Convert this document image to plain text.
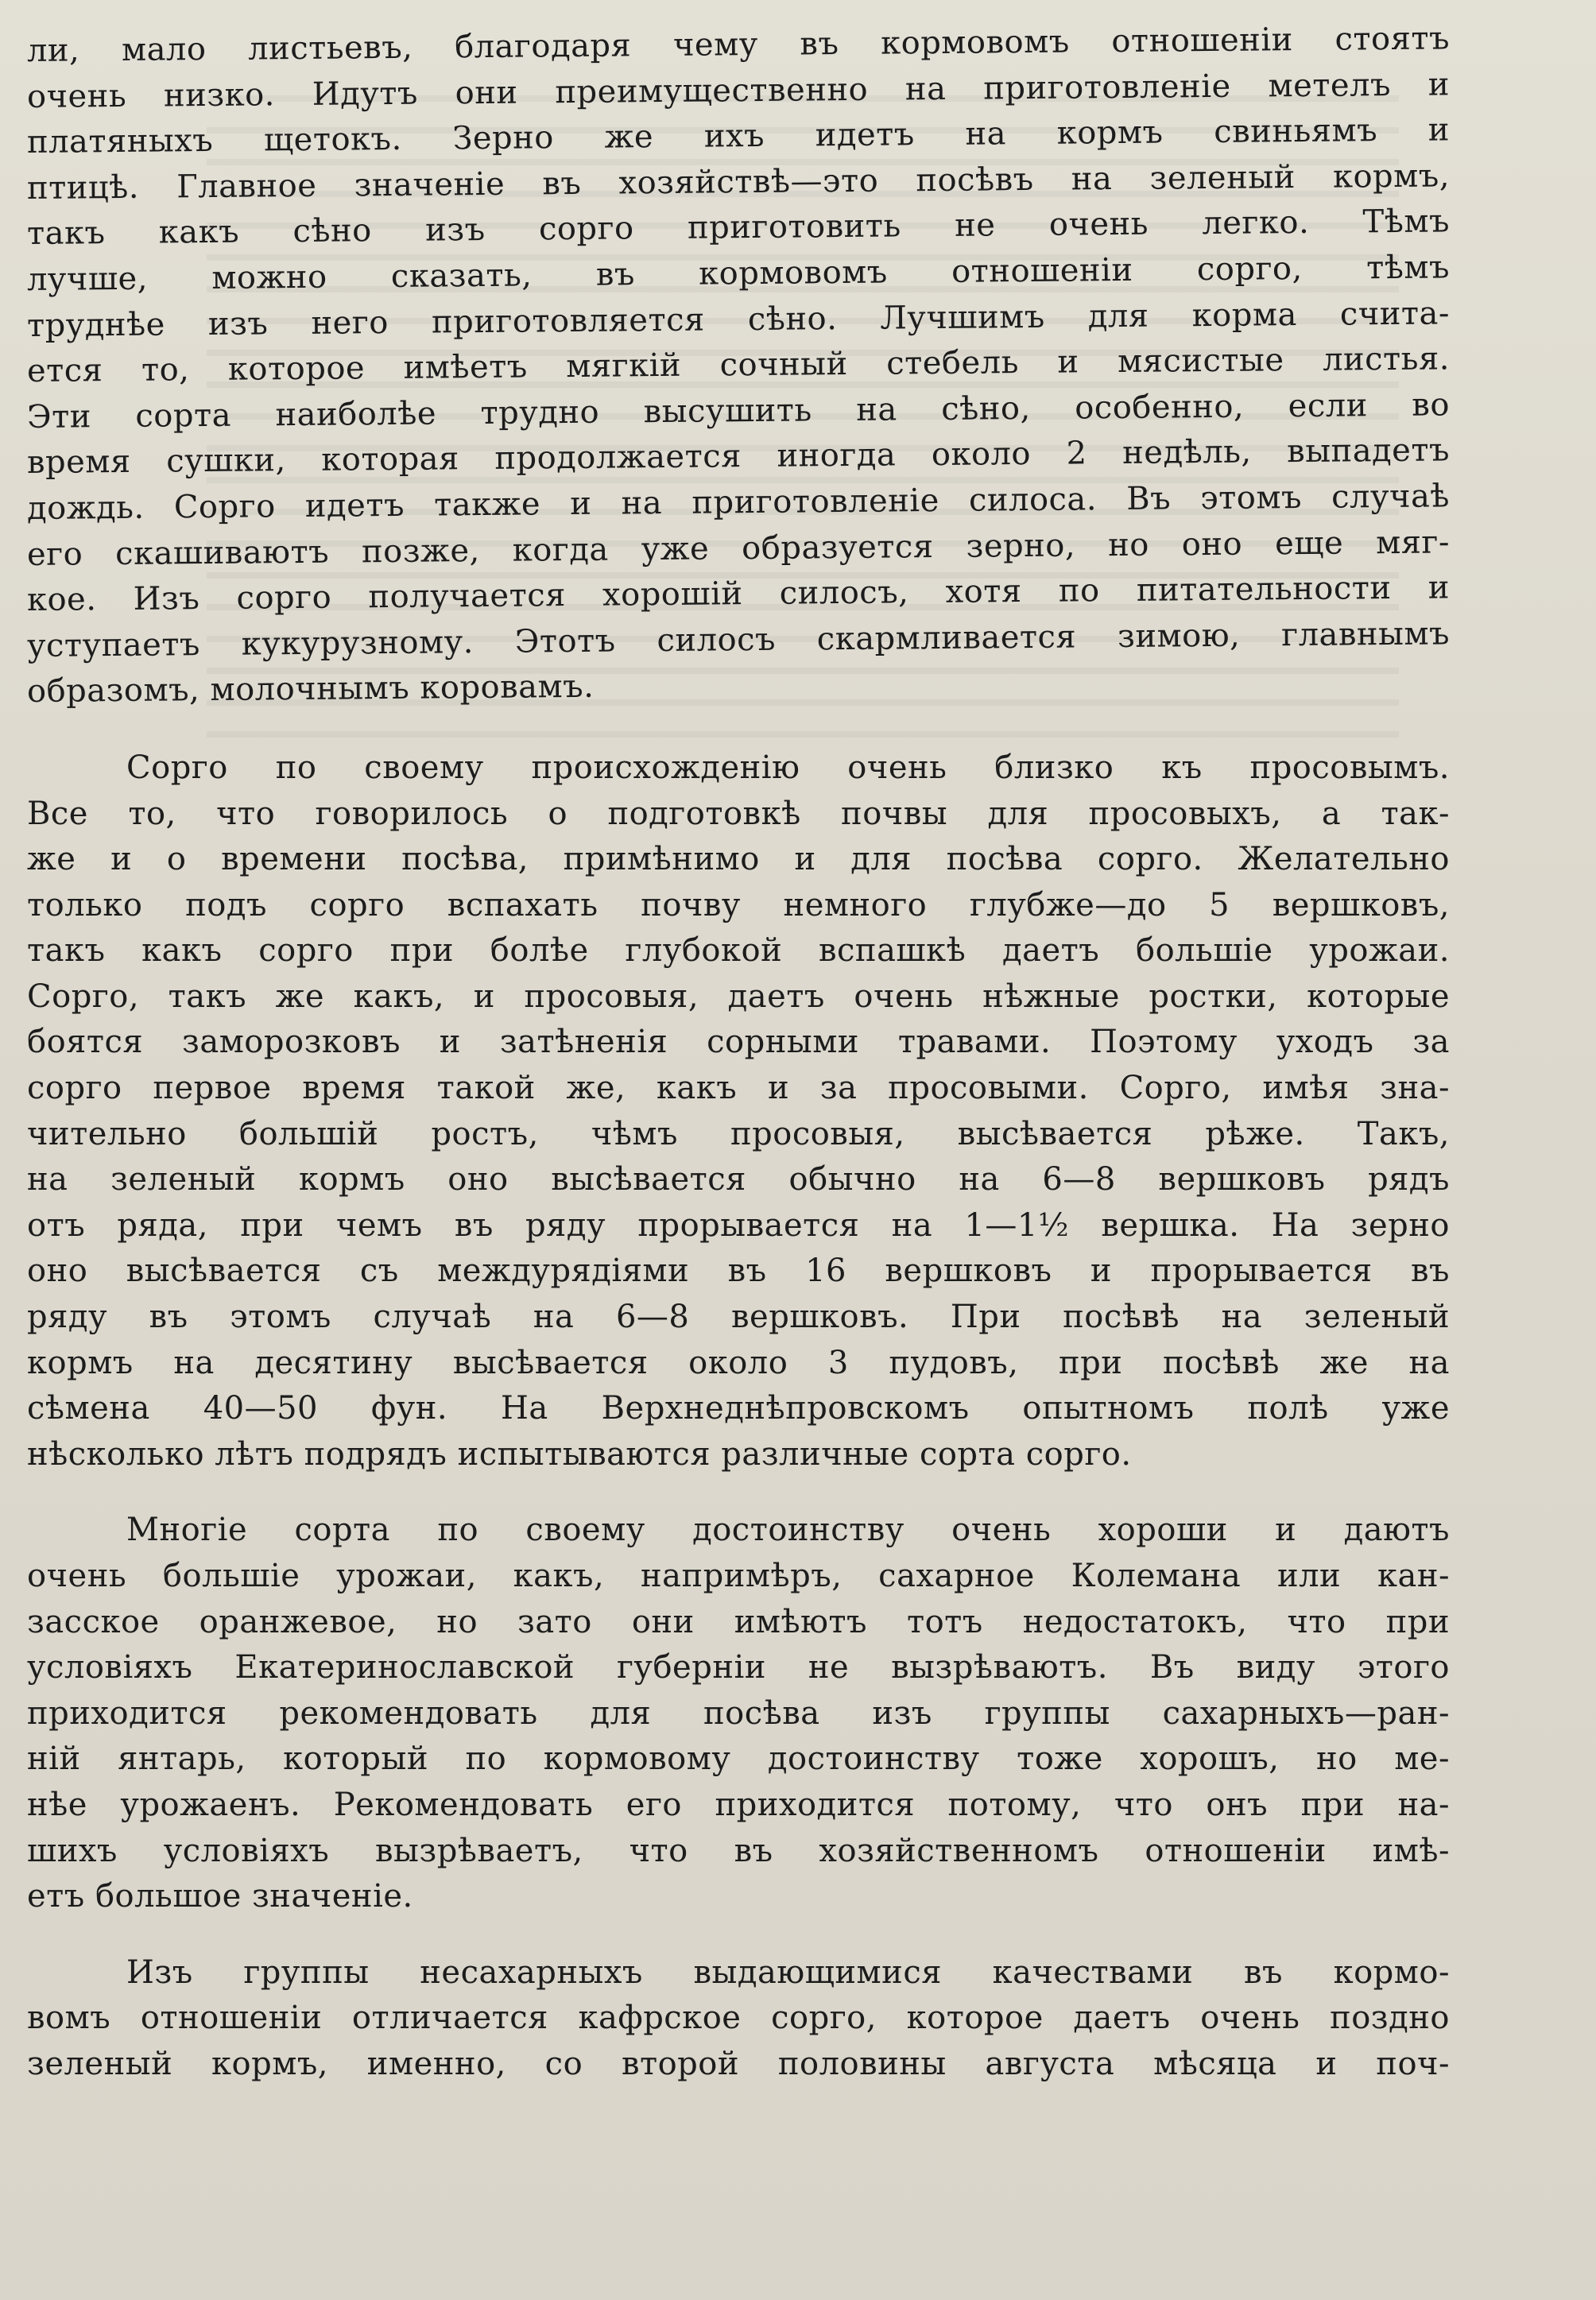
ли, мало листьевъ, благодаря чему въ кормовомъ отношеніи стоятъ
очень низко. Идутъ они преимущественно на приготовленіе метелъ и
платяныхъ щетокъ. Зерно же ихъ идетъ на кормъ свиньямъ и
птицѣ. Главное значеніе въ хозяйствѣ—это посѣвъ на зеленый кормъ,
такъ какъ сѣно изъ сорго приготовить не очень легко. Тѣмъ
лучше, можно сказать, въ кормовомъ отношеніи сорго, тѣмъ
труднѣе изъ него приготовляется сѣно. Лучшимъ для корма счита-
ется то, которое имѣетъ мягкій сочный стебель и мясистые листья.
Эти сорта наиболѣе трудно высушить на сѣно, особенно, если во
время сушки, которая продолжается иногда около 2 недѣль, выпадетъ
дождь. Сорго идетъ также и на приготовленіе силоса. Въ этомъ случаѣ
его скашиваютъ позже, когда уже образуется зерно, но оно еще мяг-
кое. Изъ сорго получается хорошій силосъ, хотя по питательности и
уступаетъ кукурузному. Этотъ силосъ скармливается зимою, главнымъ
образомъ, молочнымъ коровамъ.
Сорго по своему происхожденію очень близко къ просовымъ.
Все то, что говорилось о подготовкѣ почвы для просовыхъ, а так-
же и о времени посѣва, примѣнимо и для посѣва сорго. Желательно
только подъ сорго вспахать почву немного глубже—до 5 вершковъ,
такъ какъ сорго при болѣе глубокой вспашкѣ даетъ большіе урожаи.
Сорго, такъ же какъ, и просовыя, даетъ очень нѣжные ростки, которые
боятся заморозковъ и затѣненія сорными травами. Поэтому уходъ за
сорго первое время такой же, какъ и за просовыми. Сорго, имѣя зна-
чительно большій ростъ, чѣмъ просовыя, высѣвается рѣже. Такъ,
на зеленый кормъ оно высѣвается обычно на 6—8 вершковъ рядъ
отъ ряда, при чемъ въ ряду прорывается на 1—1½ вершка. На зерно
оно высѣвается съ междурядіями въ 16 вершковъ и прорывается въ
ряду въ этомъ случаѣ на 6—8 вершковъ. При посѣвѣ на зеленый
кормъ на десятину высѣвается около 3 пудовъ, при посѣвѣ же на
сѣмена 40—50 фун. На Верхнеднѣпровскомъ опытномъ полѣ уже
нѣсколько лѣтъ подрядъ испытываются различные сорта сорго.
Многіе сорта по своему достоинству очень хороши и даютъ
очень большіе урожаи, какъ, напримѣръ, сахарное Колемана или кан-
засское оранжевое, но зато они имѣютъ тотъ недостатокъ, что при
условіяхъ Екатеринославской губерніи не вызрѣваютъ. Въ виду этого
приходится рекомендовать для посѣва изъ группы сахарныхъ—ран-
ній янтарь, который по кормовому достоинству тоже хорошъ, но ме-
нѣе урожаенъ. Рекомендовать его приходится потому, что онъ при на-
шихъ условіяхъ вызрѣваетъ, что въ хозяйственномъ отношеніи имѣ-
етъ большое значеніе.
Изъ группы несахарныхъ выдающимися качествами въ кормо-
вомъ отношеніи отличается кафрское сорго, которое даетъ очень поздно
зеленый кормъ, именно, со второй половины августа мѣсяца и поч-
